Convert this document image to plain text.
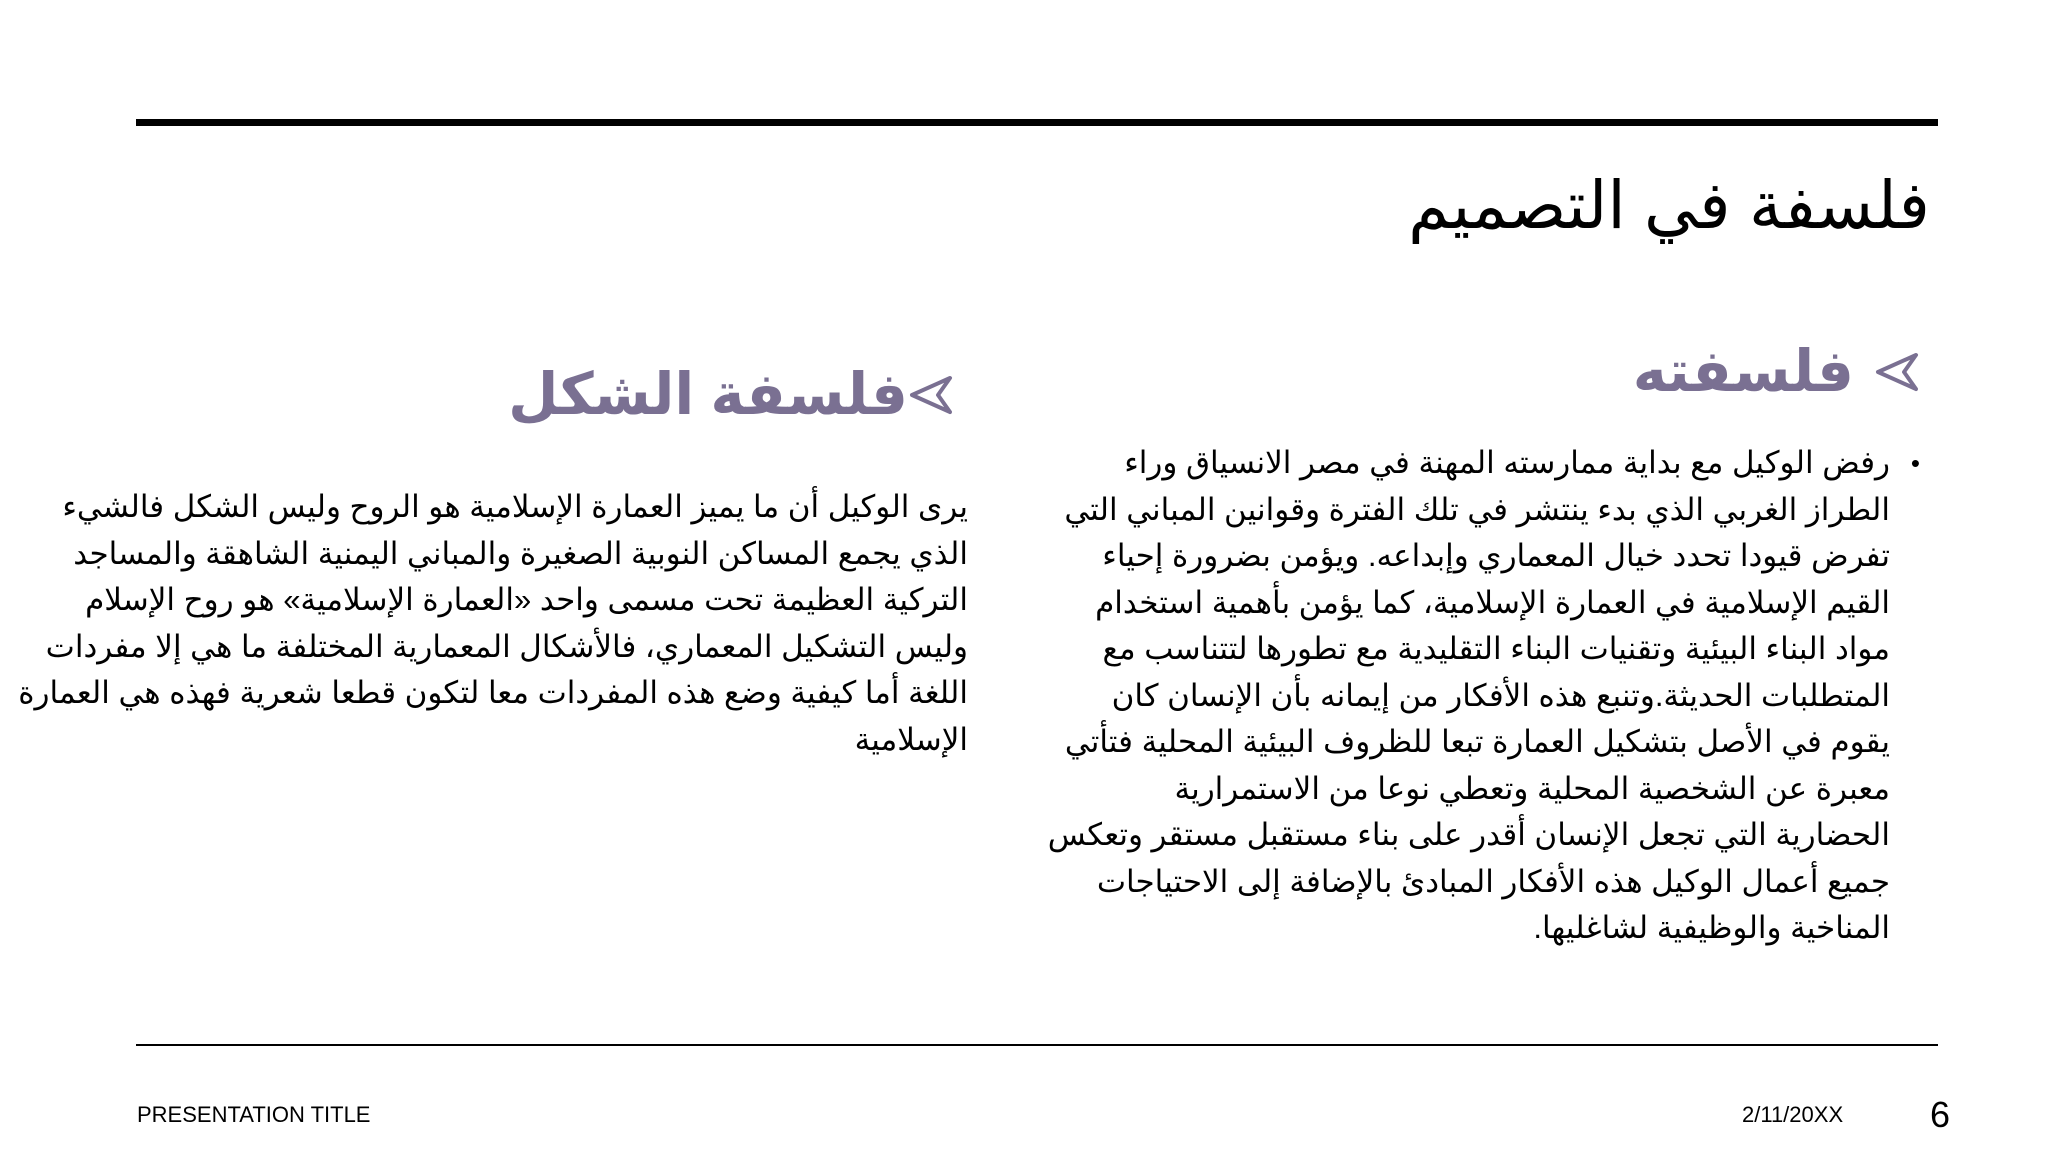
فلسفة في التصميم
فلسفته
•
رفض الوكيل مع بداية ممارسته المهنة في مصر الانسياق وراء
الطراز الغربي الذي بدء ينتشر في تلك الفترة وقوانين المباني التي
تفرض قيودا تحدد خيال المعماري وإبداعه. ويؤمن بضرورة إحياء
القيم الإسلامية في العمارة الإسلامية، كما يؤمن بأهمية استخدام
مواد البناء البيئية وتقنيات البناء التقليدية مع تطورها لتتناسب مع
المتطلبات الحديثة.وتنبع هذه الأفكار من إيمانه بأن الإنسان كان
يقوم في الأصل بتشكيل العمارة تبعا للظروف البيئية المحلية فتأتي
معبرة عن الشخصية المحلية وتعطي نوعا من الاستمرارية
الحضارية التي تجعل الإنسان أقدر على بناء مستقبل مستقر وتعكس
جميع أعمال الوكيل هذه الأفكار المبادئ بالإضافة إلى الاحتياجات
المناخية والوظيفية لشاغليها.
فلسفة الشكل
يرى الوكيل أن ما يميز العمارة الإسلامية هو الروح وليس الشكل فالشيء
الذي يجمع المساكن النوبية الصغيرة والمباني اليمنية الشاهقة والمساجد
التركية العظيمة تحت مسمى واحد «العمارة الإسلامية» هو روح الإسلام
وليس التشكيل المعماري، فالأشكال المعمارية المختلفة ما هي إلا مفردات
اللغة أما كيفية وضع هذه المفردات معا لتكون قطعا شعرية فهذه هي العمارة
الإسلامية
PRESENTATION TITLE	2/11/20XX 6
